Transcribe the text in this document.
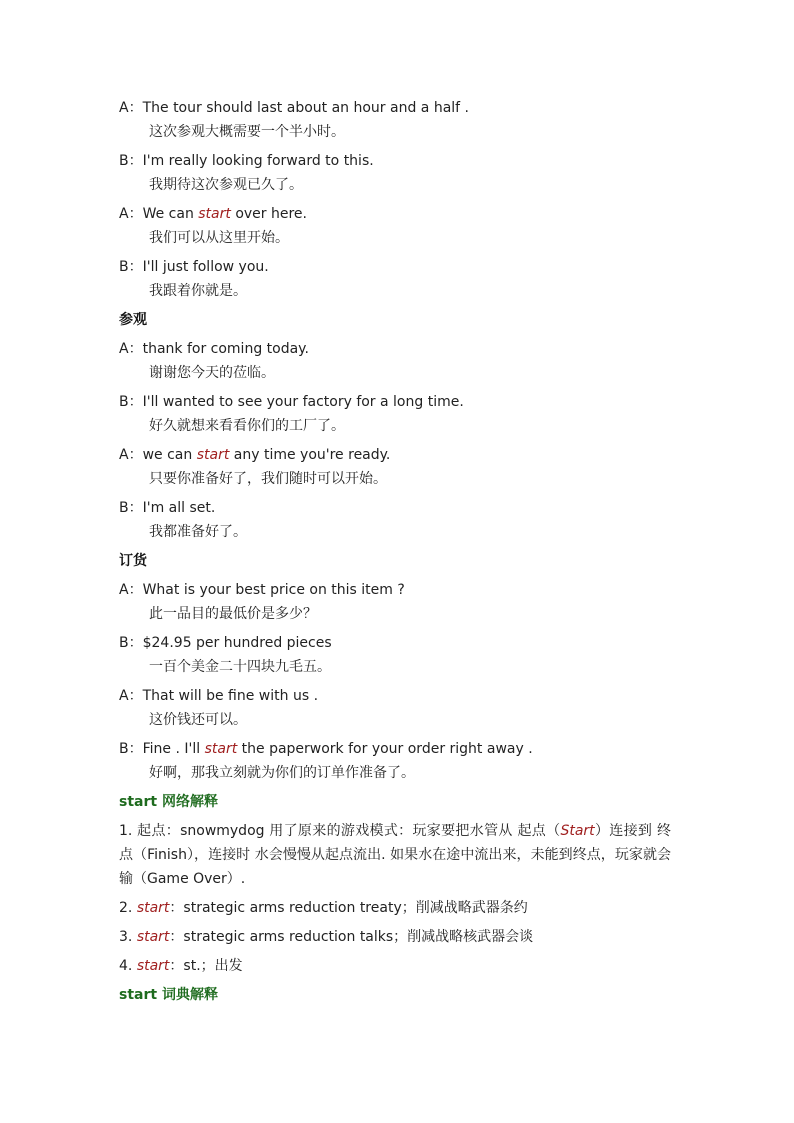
A：The tour should last about an hour and a half .
这次参观大概需要一个半小时。
B：I'm really looking forward to this.
我期待这次参观已久了。
A：We can start over here.
我们可以从这里开始。
B：I'll just follow you.
我跟着你就是。
参观
A：thank for coming today.
谢谢您今天的莅临。
B：I'll wanted to see your factory for a long time.
好久就想来看看你们的工厂了。
A：we can start any time you're ready.
只要你准备好了，我们随时可以开始。
B：I'm all set.
我都准备好了。
订货
A：What is your best price on this item ?
此一品目的最低价是多少？
B：$24.95 per hundred pieces
一百个美金二十四块九毛五。
A：That will be fine with us .
这价钱还可以。
B：Fine . I'll start the paperwork for your order right away .
好啊，那我立刻就为你们的订单作准备了。
start 网络解释
1. 起点：snowmydog 用了原来的游戏模式：玩家要把水管从 起点（Start）连接到 终点（Finish），连接时 水会慢慢从起点流出. 如果水在途中流出来，未能到终点，玩家就会输（Game Over）.
2. start：strategic arms reduction treaty；削减战略武器条约
3. start：strategic arms reduction talks；削减战略核武器会谈
4. start：st.；出发
start 词典解释
